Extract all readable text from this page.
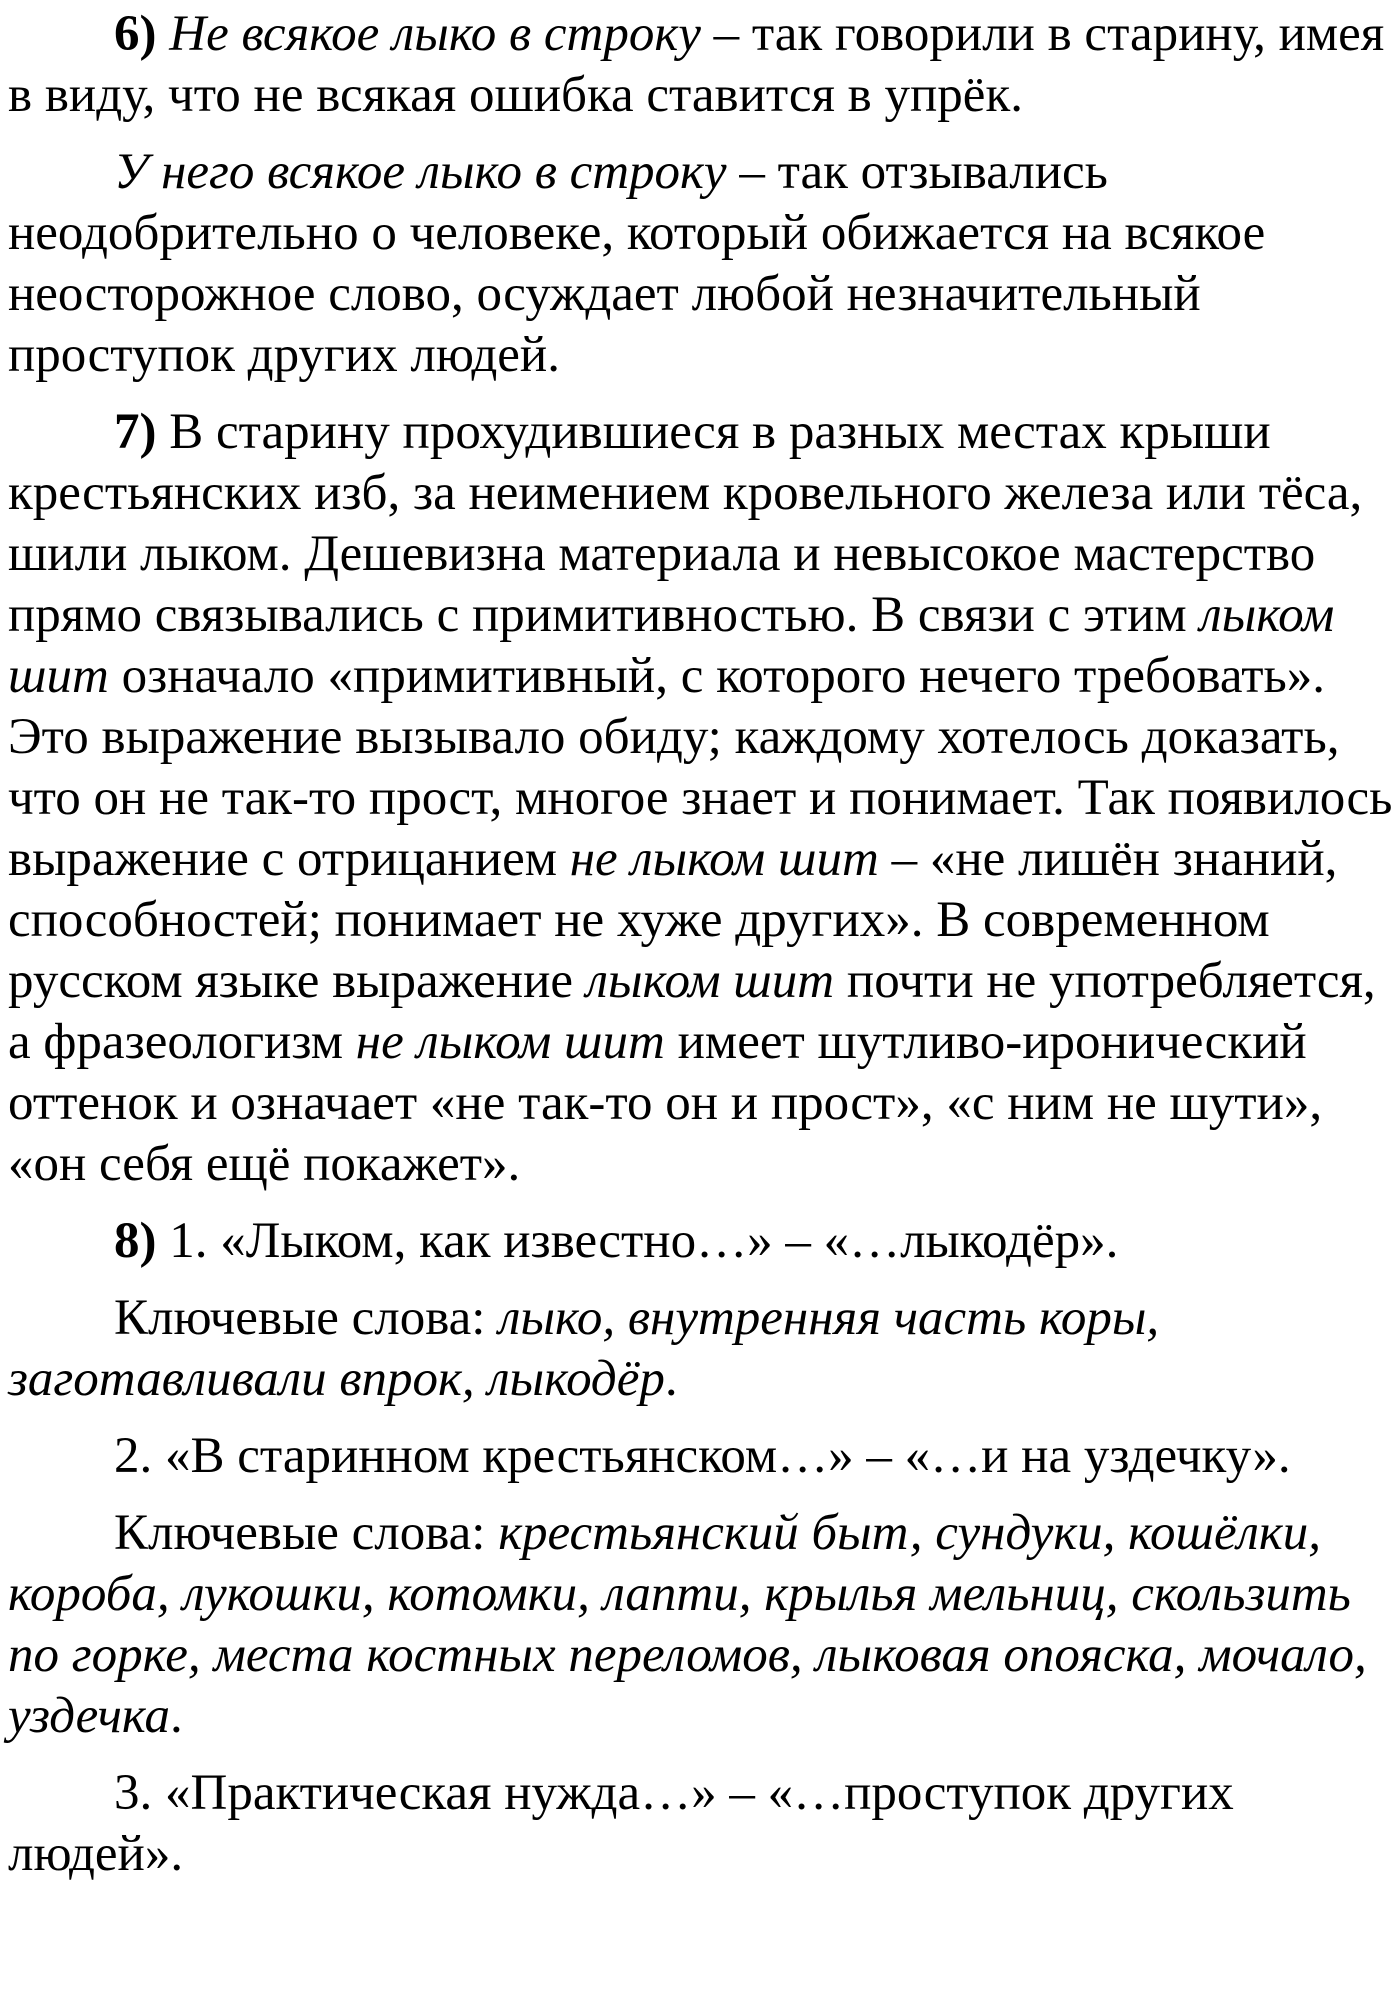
6) Не всякое лыко в строку – так говорили в старину, имея в виду, что не всякая ошибка ставится в упрёк.

У него всякое лыко в строку – так отзывались неодобрительно о человеке, который обижается на всякое неосторожное слово, осуждает любой незначительный проступок других людей.

7) В старину прохудившиеся в разных местах крыши крестьянских изб, за неимением кровельного железа или тёса, шили лыком. Дешевизна материала и невысокое мастерство прямо связывались с примитивностью. В связи с этим лыком шит означало «примитивный, с которого нечего требовать». Это выражение вызывало обиду; каждому хотелось доказать, что он не так-то прост, многое знает и понимает. Так появилось выражение с отрицанием не лыком шит – «не лишён знаний, способностей; понимает не хуже других». В современном русском языке выражение лыком шит почти не употребляется, а фразеологизм не лыком шит имеет шутливо-иронический оттенок и означает «не так-то он и прост», «с ним не шути», «он себя ещё покажет».

8) 1. «Лыком, как известно…» – «…лыкодёр».

Ключевые слова: лыко, внутренняя часть коры, заготавливали впрок, лыкодёр.

2. «В старинном крестьянском…» – «…и на уздечку».

Ключевые слова: крестьянский быт, сундуки, кошёлки, короба, лукошки, котомки, лапти, крылья мельниц, скользить по горке, места костных переломов, лыковая опояска, мочало, уздечка.

3. «Практическая нужда…» – «…проступок других людей».
